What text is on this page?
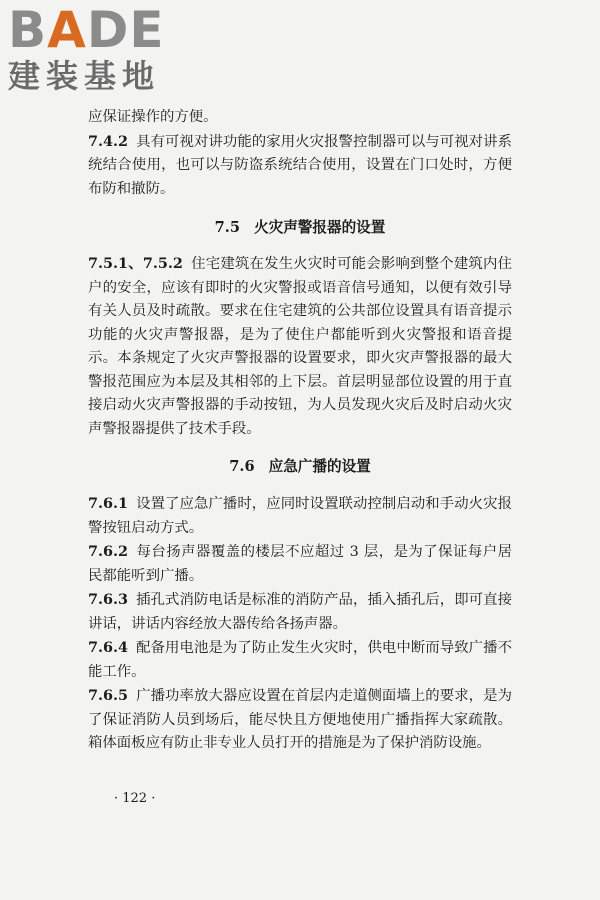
BADE
建装基地

应保证操作的方便。

7.4.2 具有可视对讲功能的家用火灾报警控制器可以与可视对讲系统结合使用，也可以与防盗系统结合使用，设置在门口处时，方便布防和撤防。

7.5 火灾声警报器的设置

7.5.1、7.5.2 住宅建筑在发生火灾时可能会影响到整个建筑内住户的安全，应该有即时的火灾警报或语音信号通知，以便有效引导有关人员及时疏散。要求在住宅建筑的公共部位设置具有语音提示功能的火灾声警报器，是为了使住户都能听到火灾警报和语音提示。本条规定了火灾声警报器的设置要求，即火灾声警报器的最大警报范围应为本层及其相邻的上下层。首层明显部位设置的用于直接启动火灾声警报器的手动按钮，为人员发现火灾后及时启动火灾声警报器提供了技术手段。

7.6 应急广播的设置

7.6.1 设置了应急广播时，应同时设置联动控制启动和手动火灾报警按钮启动方式。

7.6.2 每台扬声器覆盖的楼层不应超过 3 层，是为了保证每户居民都能听到广播。

7.6.3 插孔式消防电话是标准的消防产品，插入插孔后，即可直接讲话，讲话内容经放大器传给各扬声器。

7.6.4 配备用电池是为了防止发生火灾时，供电中断而导致广播不能工作。

7.6.5 广播功率放大器应设置在首层内走道侧面墙上的要求，是为了保证消防人员到场后，能尽快且方便地使用广播指挥大家疏散。箱体面板应有防止非专业人员打开的措施是为了保护消防设施。

· 122 ·
